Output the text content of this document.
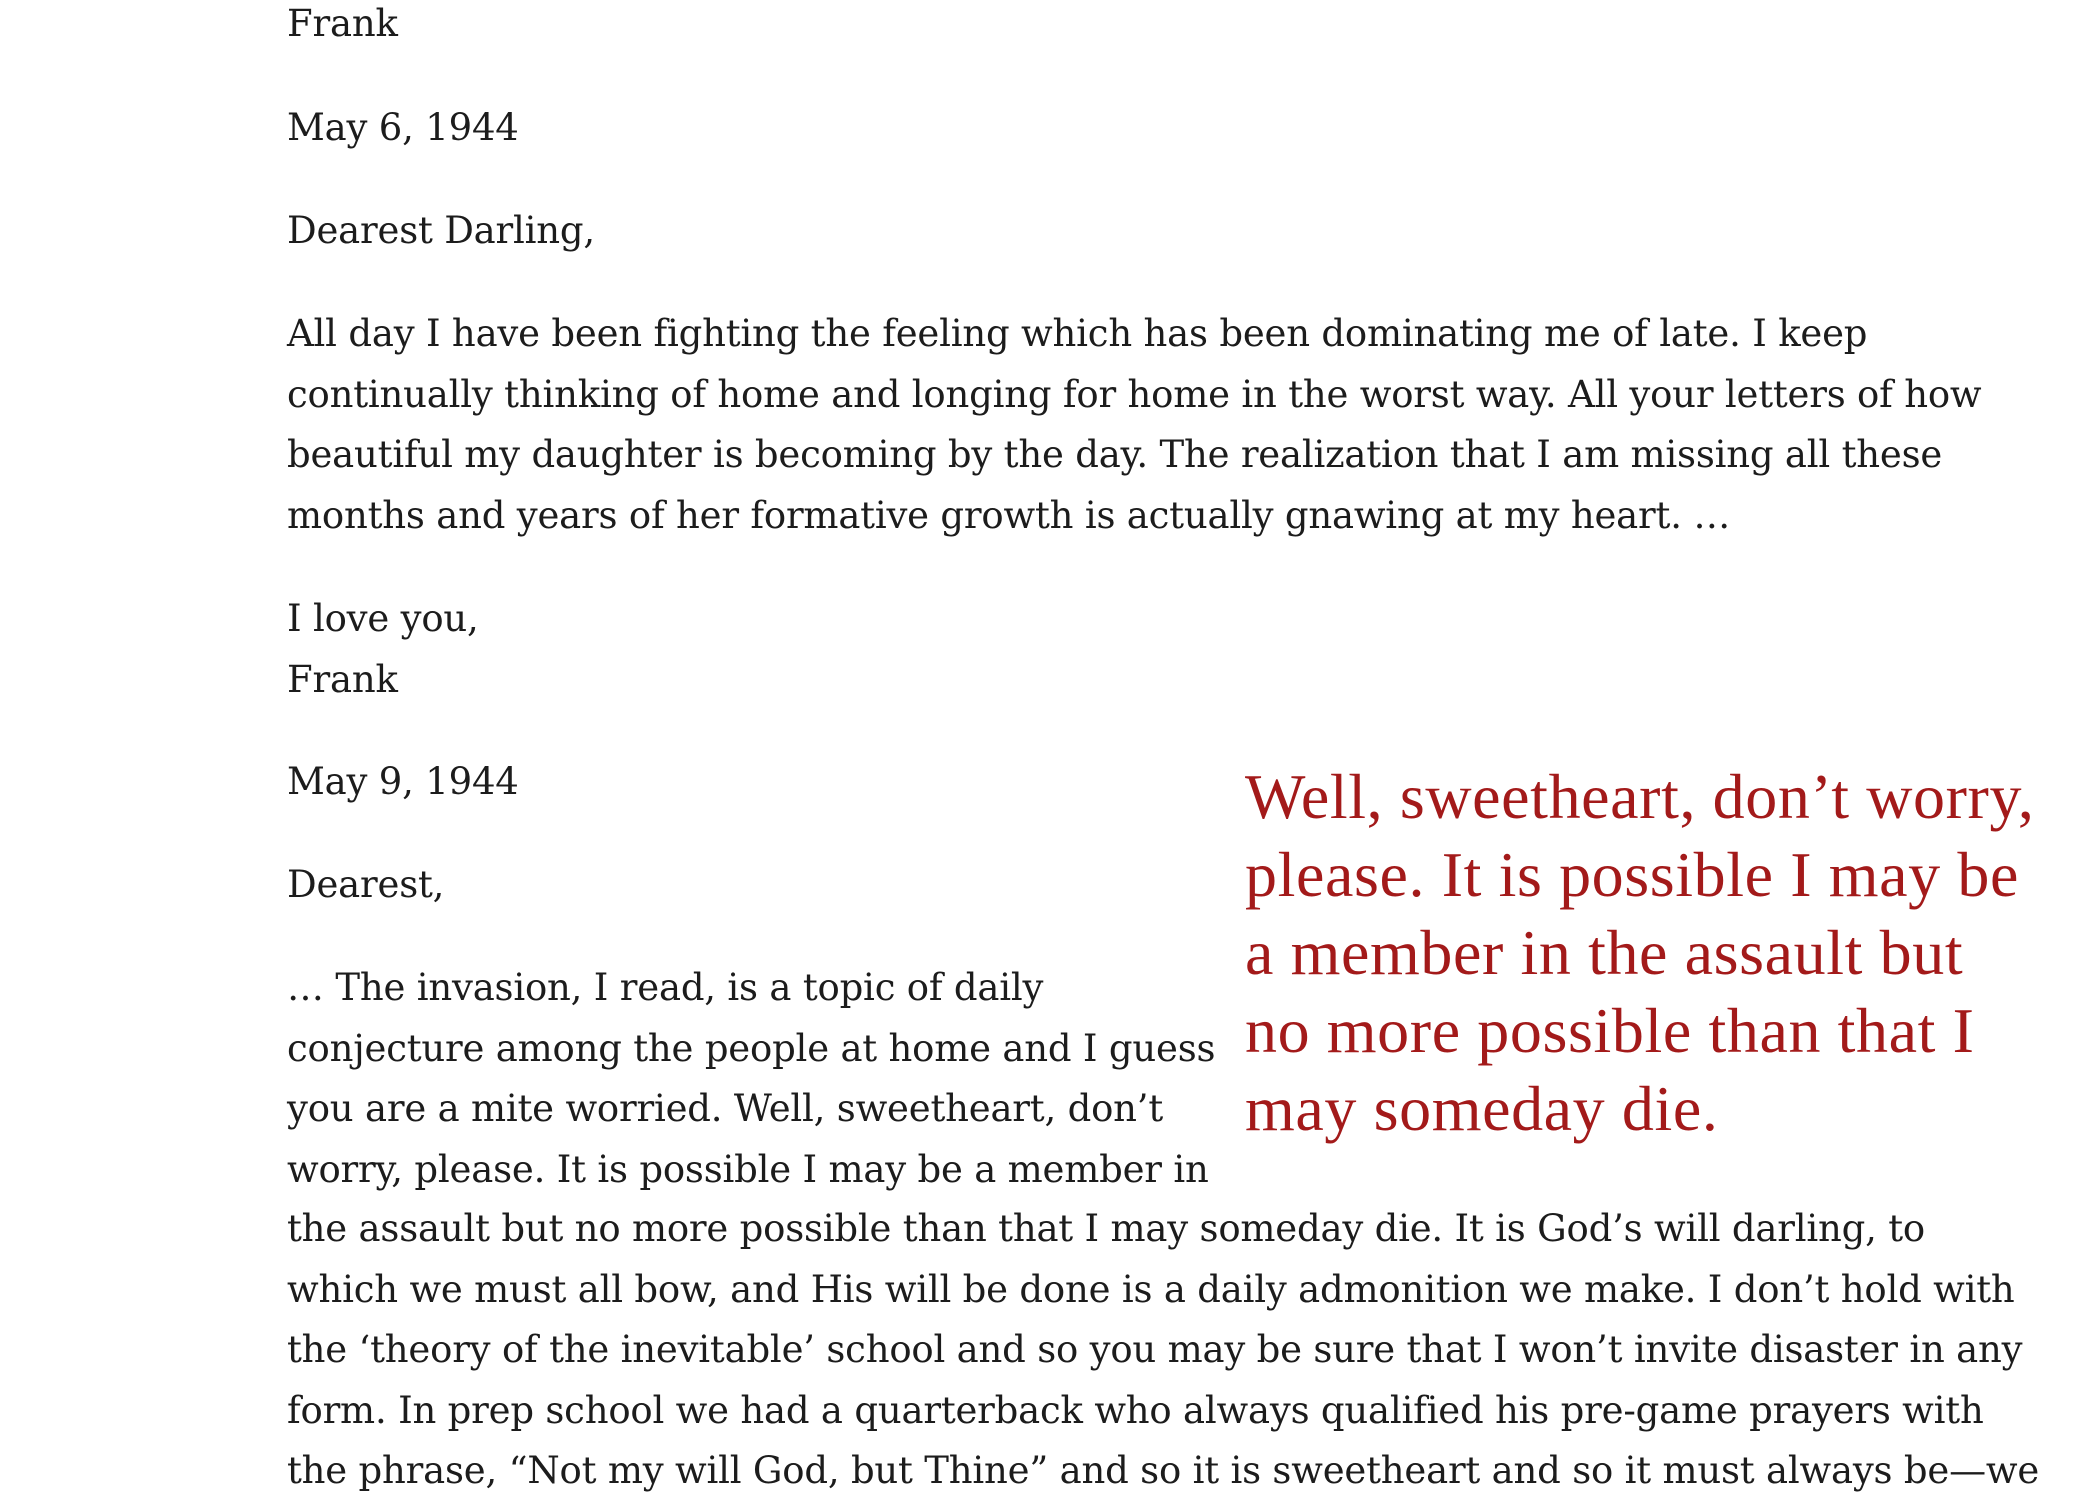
Frank
May 6, 1944
Dearest Darling,
All day I have been fighting the feeling which has been dominating me of late. I keep
continually thinking of home and longing for home in the worst way. All your letters of how
beautiful my daughter is becoming by the day. The realization that I am missing all these
months and years of her formative growth is actually gnawing at my heart. …
I love you,
Frank
May 9, 1944
Dearest,
… The invasion, I read, is a topic of daily
conjecture among the people at home and I guess
you are a mite worried. Well, sweetheart, don’t
worry, please. It is possible I may be a member in
the assault but no more possible than that I may someday die. It is God’s will darling, to
which we must all bow, and His will be done is a daily admonition we make. I don’t hold with
the ‘theory of the inevitable’ school and so you may be sure that I won’t invite disaster in any
form. In prep school we had a quarterback who always qualified his pre-game prayers with
the phrase, “Not my will God, but Thine” and so it is sweetheart and so it must always be—we
Well, sweetheart, don’t worry,
please. It is possible I may be
a member in the assault but
no more possible than that I
may someday die.
